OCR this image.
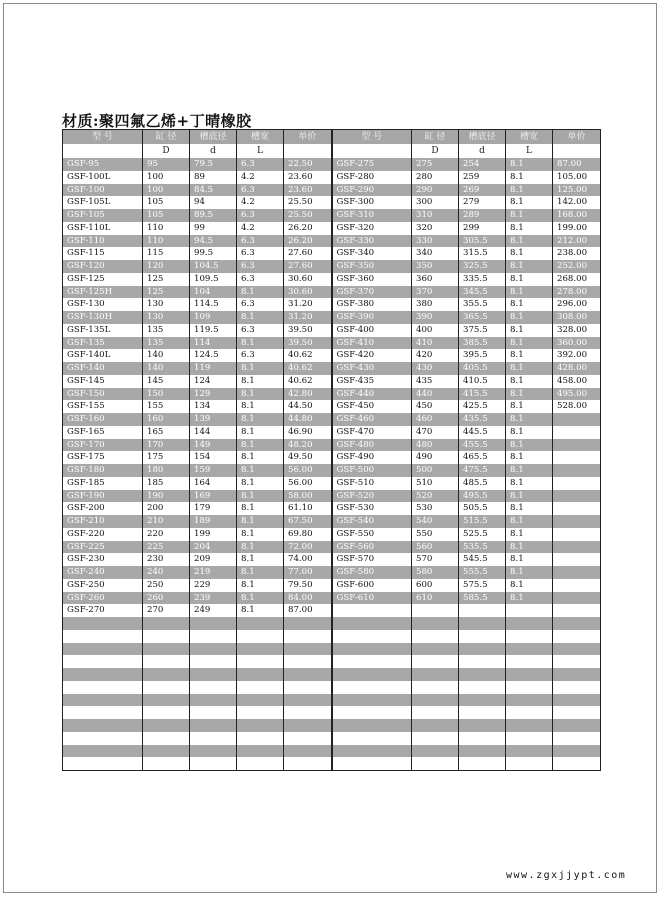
材质:聚四氟乙烯+丁晴橡胶
型 号	缸 径	槽底径	槽宽	单价	型 号	缸 径	槽底径	槽宽	单价
	D	d	L			D	d	L	
GSF-95	95	79.5	6.3	22.50	GSF-275	275	254	8.1	87.00
GSF-100L	100	89	4.2	23.60	GSF-280	280	259	8.1	105.00
GSF-100	100	84.5	6.3	23.60	GSF-290	290	269	8.1	125.00
GSF-105L	105	94	4.2	25.50	GSF-300	300	279	8.1	142.00
GSF-105	105	89.5	6.3	25.50	GSF-310	310	289	8.1	168.00
GSF-110L	110	99	4.2	26.20	GSF-320	320	299	8.1	199.00
GSF-110	110	94.5	6.3	26.20	GSF-330	330	305.5	8.1	212.00
GSF-115	115	99.5	6.3	27.60	GSF-340	340	315.5	8.1	238.00
GSF-120	120	104.5	6.3	27.60	GSF-350	350	325.5	8.1	252.00
GSF-125	125	109.5	6.3	30.60	GSF-360	360	335.5	8.1	268.00
GSF-125H	125	104	8.1	30.60	GSF-370	370	345.5	8.1	278.00
GSF-130	130	114.5	6.3	31.20	GSF-380	380	355.5	8.1	296.00
GSF-130H	130	109	8.1	31.20	GSF-390	390	365.5	8.1	308.00
GSF-135L	135	119.5	6.3	39.50	GSF-400	400	375.5	8.1	328.00
GSF-135	135	114	8.1	39.50	GSF-410	410	385.5	8.1	360.00
GSF-140L	140	124.5	6.3	40.62	GSF-420	420	395.5	8.1	392.00
GSF-140	140	119	8.1	40.62	GSF-430	430	405.5	8.1	428.00
GSF-145	145	124	8.1	40.62	GSF-435	435	410.5	8.1	458.00
GSF-150	150	129	8.1	42.80	GSF-440	440	415.5	8.1	495.00
GSF-155	155	134	8.1	44.50	GSF-450	450	425.5	8.1	528.00
GSF-160	160	139	8.1	44.80	GSF-460	460	435.5	8.1	
GSF-165	165	144	8.1	46.90	GSF-470	470	445.5	8.1	
GSF-170	170	149	8.1	48.20	GSF-480	480	455.5	8.1	
GSF-175	175	154	8.1	49.50	GSF-490	490	465.5	8.1	
GSF-180	180	159	8.1	56.00	GSF-500	500	475.5	8.1	
GSF-185	185	164	8.1	56.00	GSF-510	510	485.5	8.1	
GSF-190	190	169	8.1	58.00	GSF-520	520	495.5	8.1	
GSF-200	200	179	8.1	61.10	GSF-530	530	505.5	8.1	
GSF-210	210	189	8.1	67.50	GSF-540	540	515.5	8.1	
GSF-220	220	199	8.1	69.80	GSF-550	550	525.5	8.1	
GSF-225	225	204	8.1	72.00	GSF-560	560	535.5	8.1	
GSF-230	230	209	8.1	74.00	GSF-570	570	545.5	8.1	
GSF-240	240	219	8.1	77.00	GSF-580	580	555.5	8.1	
GSF-250	250	229	8.1	79.50	GSF-600	600	575.5	8.1	
GSF-260	260	239	8.1	84.00	GSF-610	610	585.5	8.1	
GSF-270	270	249	8.1	87.00					

www.zgxjjypt.com
